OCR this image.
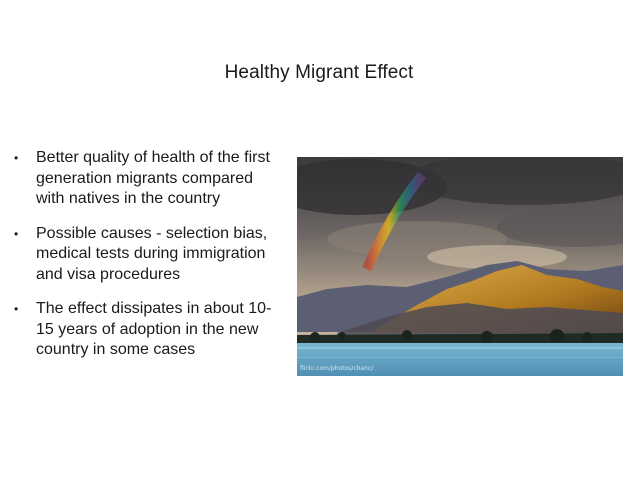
Healthy Migrant Effect
• Better quality of health of the first generation migrants compared with natives in the country
• Possible causes - selection bias, medical tests during immigration and visa procedures
• The effect dissipates in about 10-15 years of adoption in the new country in some cases
flickr.com/photos/chanc/
